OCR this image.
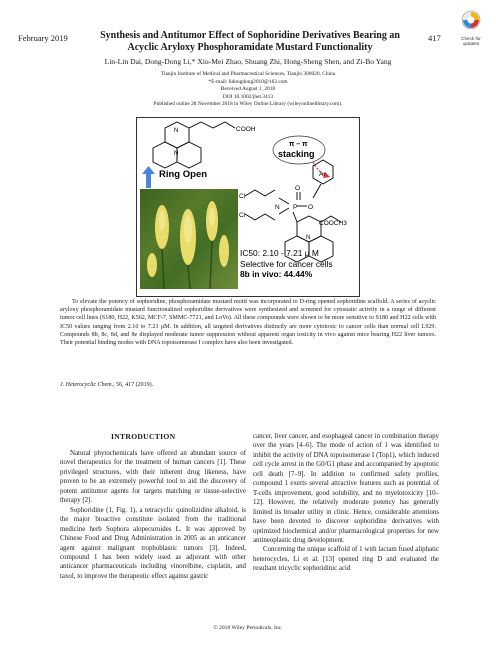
February 2019	417	Check for updates
Synthesis and Antitumor Effect of Sophoridine Derivatives Bearing an Acyclic Aryloxy Phosphoramidate Mustard Functionality
Lin-Lin Dai, Dong-Dong Li,* Xiu-Mei Zhao, Shuang Zhi, Hong-Sheng Shen, and Zi-Bo Yang
Tianjin Institute of Medical and Pharmaceutical Sciences, Tianjin 300020, China
*E-mail: lidongdong2010@163.com
Received August 1, 2018
DOI 10.1002/jhet.3413
Published online 28 November 2018 in Wiley Online Library (wileyonlinelibrary.com).
N
N
COOH
π – π
stacking
Ar
Cl
Cl
N P
O
O
N
COOCH3
Ring Open
IC50: 2.10 - 7.21 μ M
Selective for cancer cells
8b in vivo: 44.44%

To elevate the potency of sophoridine, phosphoramidate mustard motif was incorporated to D-ring opened sophoridine scaffold. A series of acyclic aryloxy phosphoramidate mustard functionalized sophoridine derivatives were synthesized and screened for cytostatic activity in a range of different tumor cell lines (S180, H22, K562, MCF-7, SMMC-7721, and LoVo). All these compounds were shown to be more sensitive to S180 and H22 cells with IC50 values ranging from 2.10 to 7.21 μM. In addition, all targeted derivatives distinctly are more cytotoxic to cancer cells than normal cell L929. Compounds 8b, 8c, 8d, and 8e displayed moderate tumor suppression without apparent organ toxicity in vivo against mice bearing H22 liver tumors. Their potential binding modes with DNA topoisomerase I complex have also been investigated.

J. Heterocyclic Chem., 56, 417 (2019).
INTRODUCTION

Natural phytochemicals have offered an abundant source of novel therapeutics for the treatment of human cancers [1]. These privileged structures, with their inherent drug likeness, have proven to be an extremely powerful tool to aid the discovery of potent antitumor agents for targets matching or tissue-selective therapy [2].

Sophoridine (1, Fig. 1), a tetracyclic quinolizidine alkaloid, is the major bioactive constitute isolated from the traditional medicine herb Sophora alopecuroides L. It was approved by Chinese Food and Drug Administration in 2005 as an anticancer agent against malignant trophoblastic tumors [3]. Indeed, compound 1 has been widely used as adjuvant with other anticancer pharmaceuticals including vinorelbine, cisplatin, and taxol, to improve the therapeutic effect against gastric

cancer, liver cancer, and esophageal cancer in combination therapy over the years [4–6]. The mode of action of 1 was identified to inhibit the activity of DNA topoisomerase I (Top1), which induced cell cycle arrest in the G0/G1 phase and accompanied by apoptotic cell death [7–9]. In addition to confirmed safety profiles, compound 1 exerts several attractive features such as potential of T-cells improvement, good solubility, and no myelotoxicity [10–12]. However, the relatively moderate potency has generally limited its broader utility in clinic. Hence, considerable attentions have been devoted to discover sophoridine derivatives with optimized biochemical and/or pharmacological properties for new antineoplastic drug development.

Concerning the unique scaffold of 1 with lactam fused aliphatic heterocycles, Li et al. [13] opened ring D and evaluated the resultant tricyclic sophoridinic acid

© 2018 Wiley Periodicals, Inc.
